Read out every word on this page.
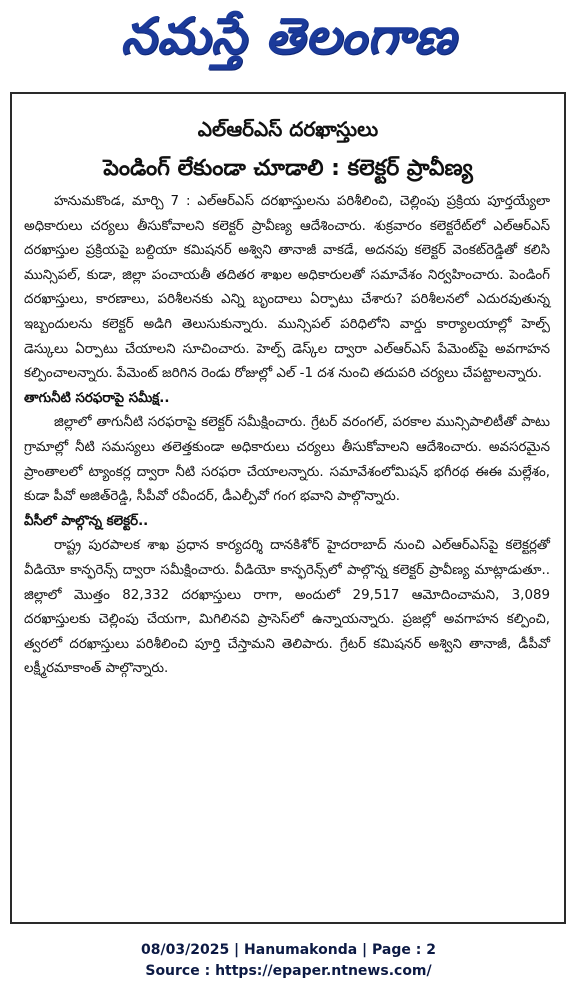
నమస్తే తెలంగాణ
ఎల్‌ఆర్‌ఎస్ దరఖాస్తులు
పెండింగ్ లేకుండా చూడాలి : కలెక్టర్ ప్రావీణ్య

హనుమకొండ, మార్చి 7 : ఎల్‌ఆర్‌ఎస్ దరఖాస్తులను పరిశీలించి, చెల్లింపు ప్రక్రియ పూర్తయ్యేలా అధికారులు చర్యలు తీసుకోవాలని కలెక్టర్ ప్రావీణ్య ఆదేశించారు. శుక్రవారం కలెక్టరేట్‌లో ఎల్‌ఆర్‌ఎస్ దరఖాస్తుల ప్రక్రియపై బల్దియా కమిషనర్ అశ్విని తానాజీ వాకడే, అదనపు కలెక్టర్ వెంకట్‌రెడ్డితో కలిసి మున్సిపల్, కుడా, జిల్లా పంచాయతీ తదితర శాఖల అధికారులతో సమావేశం నిర్వహించారు. పెండింగ్ దరఖాస్తులు, కారణాలు, పరిశీలనకు ఎన్ని బృందాలు ఏర్పాటు చేశారు? పరిశీలనలో ఎదురవుతున్న ఇబ్బందులను కలెక్టర్ అడిగి తెలుసుకున్నారు. మున్సిపల్ పరిధిలోని వార్డు కార్యాలయాల్లో హెల్ప్ డెస్కులు ఏర్పాటు చేయాలని సూచించారు. హెల్ప్ డెస్క్‌ల ద్వారా ఎల్‌ఆర్‌ఎస్ పేమెంట్‌పై అవగాహన కల్పించాలన్నారు. పేమెంట్ జరిగిన రెండు రోజుల్లో ఎల్ -1 దశ నుంచి తదుపరి చర్యలు చేపట్టాలన్నారు.

తాగునీటి సరఫరాపై సమీక్ష..

జిల్లాలో తాగునీటి సరఫరాపై కలెక్టర్ సమీక్షించారు. గ్రేటర్ వరంగల్, పరకాల మున్సిపాలిటీతో పాటు గ్రామాల్లో నీటి సమస్యలు తలెత్తకుండా అధికారులు చర్యలు తీసుకోవాలని ఆదేశించారు. అవసరమైన ప్రాంతాలలో ట్యాంకర్ల ద్వారా నీటి సరఫరా చేయాలన్నారు. సమావేశంలోమిషన్ భగీరథ ఈఈ మల్లేశం, కుడా పీవో అజిత్‌రెడ్డి, సీపీవో రవీందర్, డీఎల్పీవో గంగ భవాని పాల్గొన్నారు.

వీసీలో పాల్గొన్న కలెక్టర్..

రాష్ట్ర పురపాలక శాఖ ప్రధాన కార్యదర్శి దానకిశోర్ హైదరాబాద్ నుంచి ఎల్‌ఆర్ఎస్‌పై కలెక్టర్లతో వీడియో కాన్ఫరెన్స్ ద్వారా సమీక్షించారు. వీడియో కాన్ఫరెన్స్‌లో పాల్గొన్న కలెక్టర్ ప్రావీణ్య మాట్లాడుతూ.. జిల్లాలో మొత్తం 82,332 దరఖాస్తులు రాగా, అందులో 29,517 ఆమోదించామని, 3,089 దరఖాస్తులకు చెల్లింపు చేయగా, మిగిలినవి ప్రాసెస్‌లో ఉన్నాయన్నారు. ప్రజల్లో అవగాహన కల్పించి, త్వరలో దరఖాస్తులు పరిశీలించి పూర్తి చేస్తామని తెలిపారు. గ్రేటర్ కమిషనర్ అశ్విని తానాజీ, డీపీవో లక్ష్మీరమాకాంత్ పాల్గొన్నారు.

08/03/2025 | Hanumakonda | Page : 2
Source : https://epaper.ntnews.com/
